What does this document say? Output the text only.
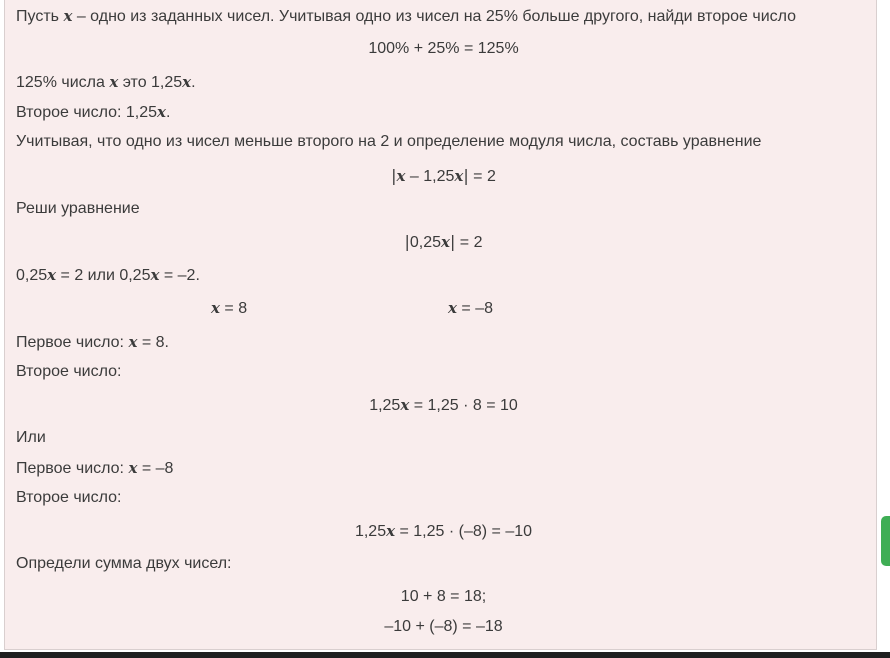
Пусть x – одно из заданных чисел. Учитывая одно из чисел на 25% больше другого, найди второе число
100% + 25% = 125%
125% числа x это 1,25x.
Второе число: 1,25x.
Учитывая, что одно из чисел меньше второго на 2 и определение модуля числа, составь уравнение
|x – 1,25x| = 2
Реши уравнение
|0,25x| = 2
0,25x = 2 или 0,25x = –2.
x = 8	x = –8
Первое число: x = 8.
Второе число:
1,25x = 1,25 · 8 = 10
Или
Первое число: x = –8
Второе число:
1,25x = 1,25 · (–8) = –10
Определи сумма двух чисел:
10 + 8 = 18;
–10 + (–8) = –18
